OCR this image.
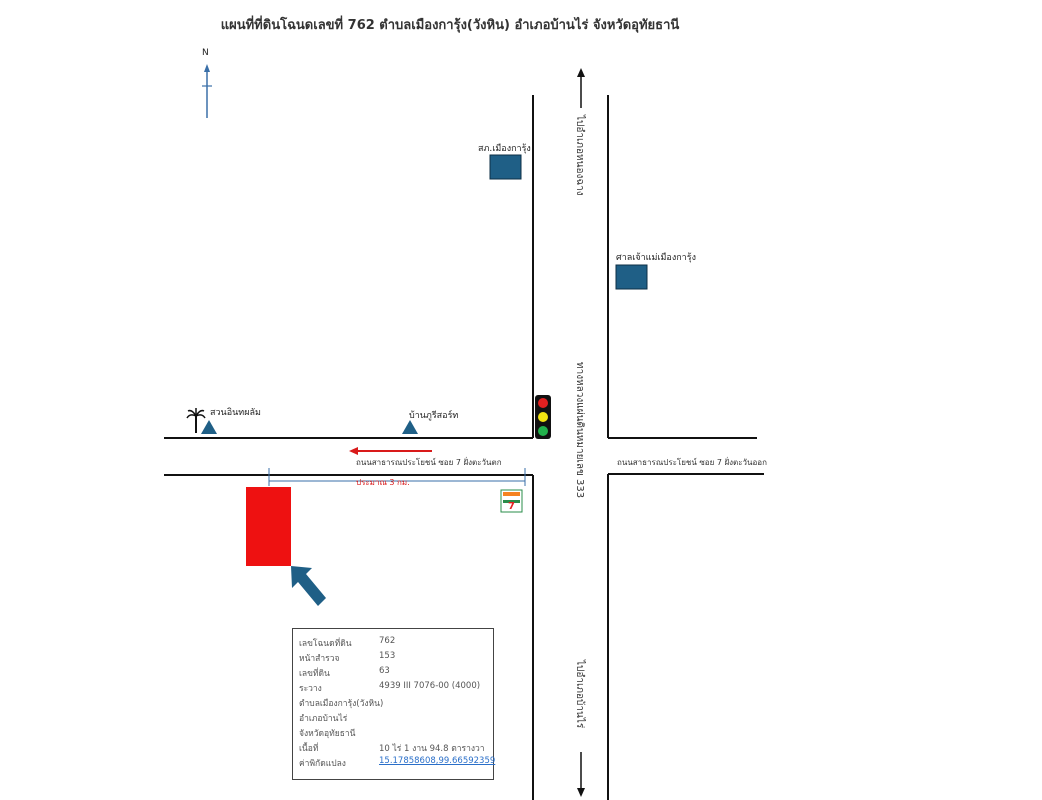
7
แผนที่ที่ดินโฉนดเลขที่ 762 ตำบลเมืองการุ้ง(วังหิน) อำเภอบ้านไร่ จังหวัดอุทัยธานี
N
สภ.เมืองการุ้ง
ศาลเจ้าแม่เมืองการุ้ง
สวนอินทผลัม	บ้านภูรีสอร์ท
ถนนสาธารณประโยชน์ ซอย 7 ฝั่งตะวันตก	ถนนสาธารณประโยชน์ ซอย 7 ฝั่งตะวันออก
ประมาณ 3 กม.
ไปอำเภอหนองฉาง
ทางหลวงแผ่นดินหมายเลข 333
ไปอำเภอบ้านไร่
เลขโฉนดที่ดิน	762
หน้าสำรวจ	153
เลขที่ดิน	63
ระวาง	4939 III 7076-00 (4000)
ตำบลเมืองการุ้ง(วังหิน)
อำเภอบ้านไร่
จังหวัดอุทัยธานี
เนื้อที่	10 ไร่ 1 งาน 94.8 ตารางวา
ค่าพิกัดแปลง	15.17858608,99.66592359
